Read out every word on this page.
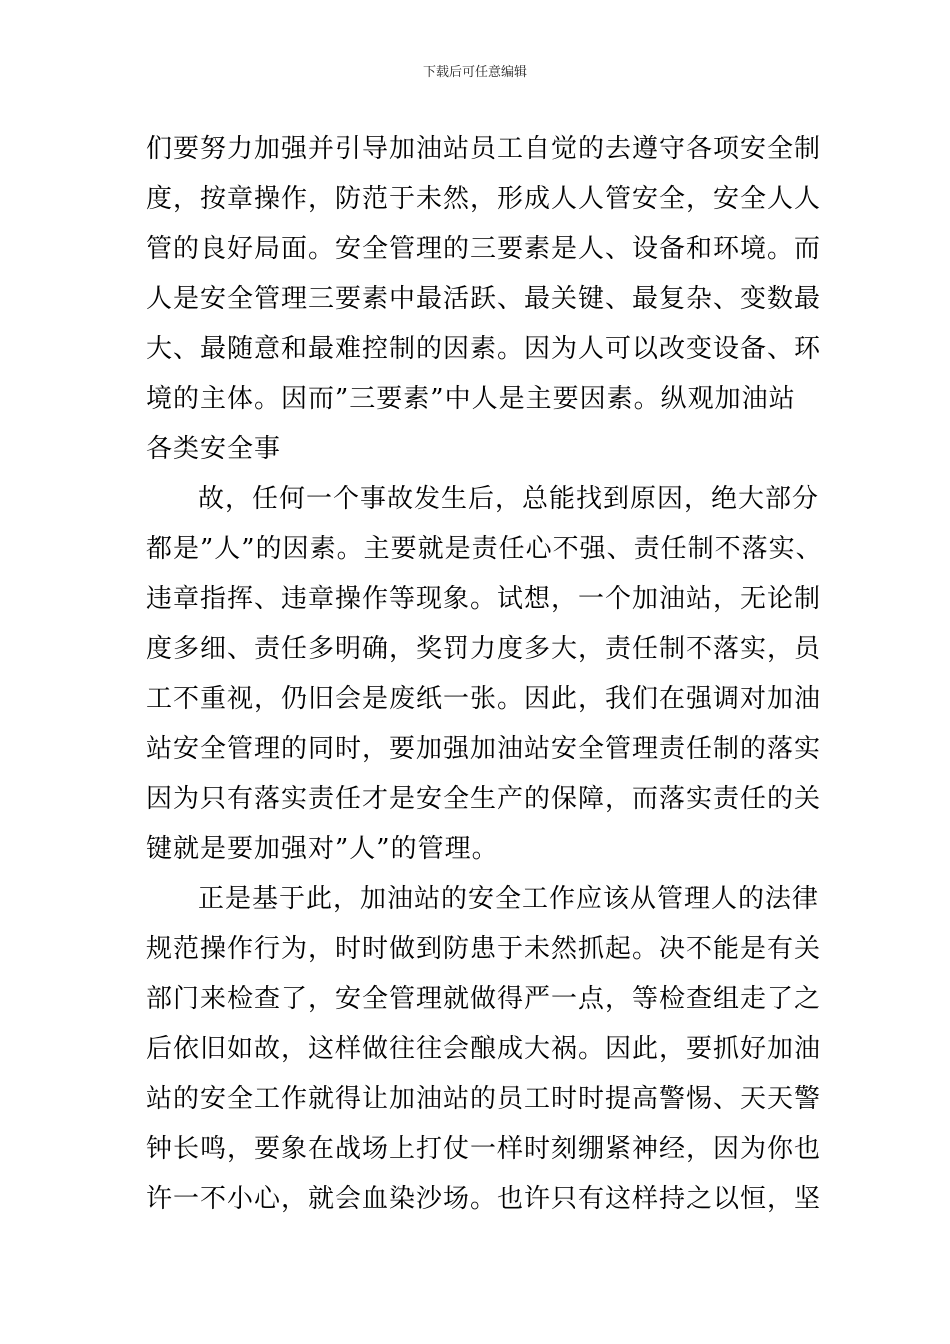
下载后可任意编辑
们要努力加强并引导加油站员工自觉的去遵守各项安全制
度，按章操作，防范于未然，形成人人管安全，安全人人
管的良好局面。安全管理的三要素是人、设备和环境。而
人是安全管理三要素中最活跃、最关键、最复杂、变数最
大、最随意和最难控制的因素。因为人可以改变设备、环
境的主体。因而”三要素”中人是主要因素。纵观加油站
各类安全事
故，任何一个事故发生后，总能找到原因，绝大部分
都是”人”的因素。主要就是责任心不强、责任制不落实、
违章指挥、违章操作等现象。试想，一个加油站，无论制
度多细、责任多明确，奖罚力度多大，责任制不落实，员
工不重视，仍旧会是废纸一张。因此，我们在强调对加油
站安全管理的同时，要加强加油站安全管理责任制的落实
因为只有落实责任才是安全生产的保障，而落实责任的关
键就是要加强对”人”的管理。
正是基于此，加油站的安全工作应该从管理人的法律
规范操作行为，时时做到防患于未然抓起。决不能是有关
部门来检查了，安全管理就做得严一点，等检查组走了之
后依旧如故，这样做往往会酿成大祸。因此，要抓好加油
站的安全工作就得让加油站的员工时时提高警惕、天天警
钟长鸣，要象在战场上打仗一样时刻绷紧神经，因为你也
许一不小心，就会血染沙场。也许只有这样持之以恒，坚
